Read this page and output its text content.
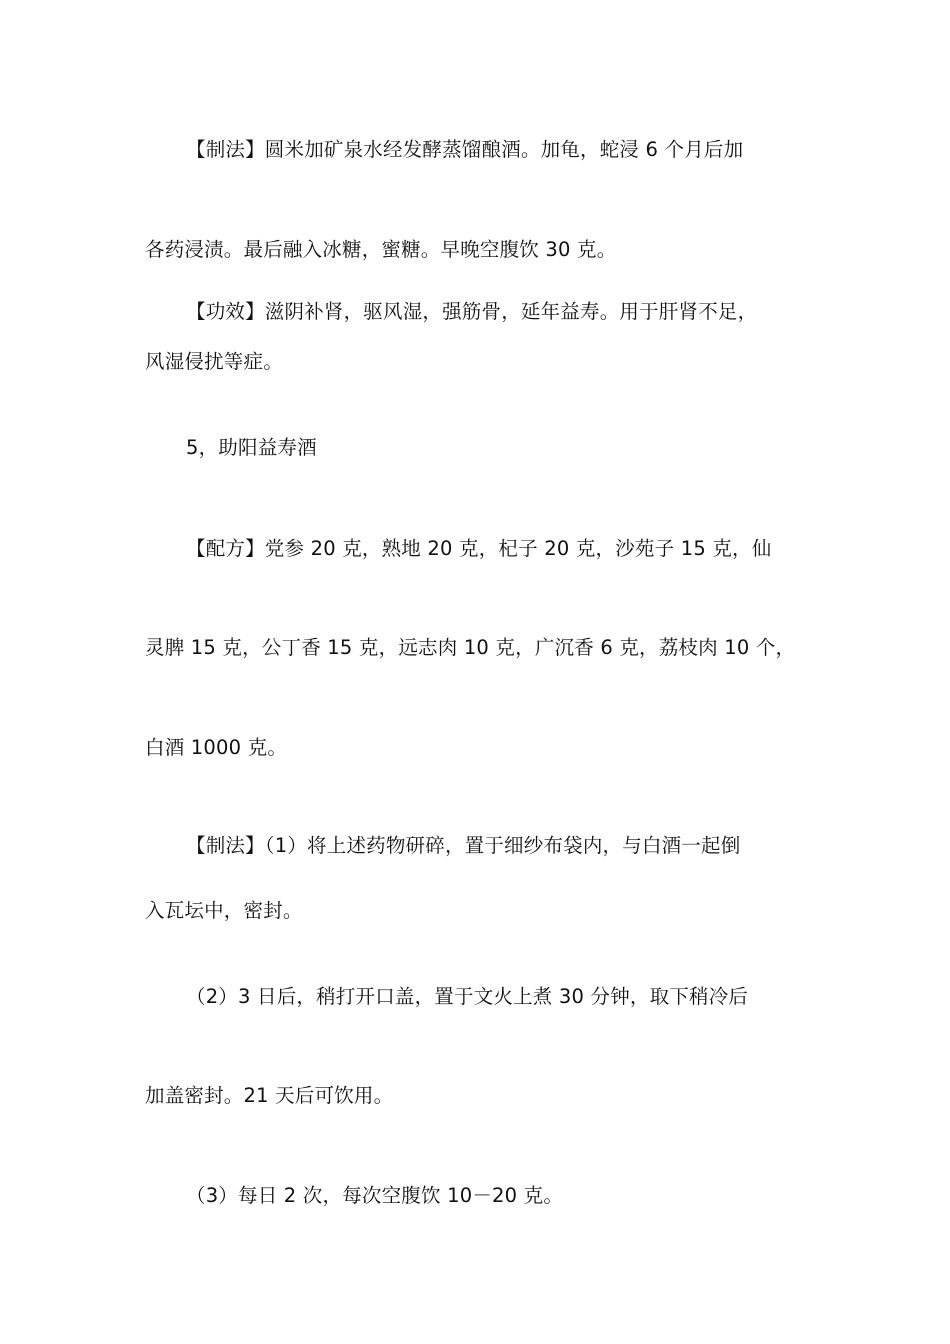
【制法】圆米加矿泉水经发酵蒸馏酿酒。加龟，蛇浸 6 个月后加
各药浸渍。最后融入冰糖，蜜糖。早晚空腹饮 30 克。
【功效】滋阴补肾，驱风湿，强筋骨，延年益寿。用于肝肾不足，
风湿侵扰等症。
5，助阳益寿酒
【配方】党参 20 克，熟地 20 克，杞子 20 克，沙苑子 15 克，仙
灵脾 15 克，公丁香 15 克，远志肉 10 克，广沉香 6 克，荔枝肉 10 个，
白酒 1000 克。
【制法】（1）将上述药物研碎，置于细纱布袋内，与白酒一起倒
入瓦坛中，密封。
（2）3 日后，稍打开口盖，置于文火上煮 30 分钟，取下稍冷后
加盖密封。21 天后可饮用。
（3）每日 2 次，每次空腹饮 10－20 克。
